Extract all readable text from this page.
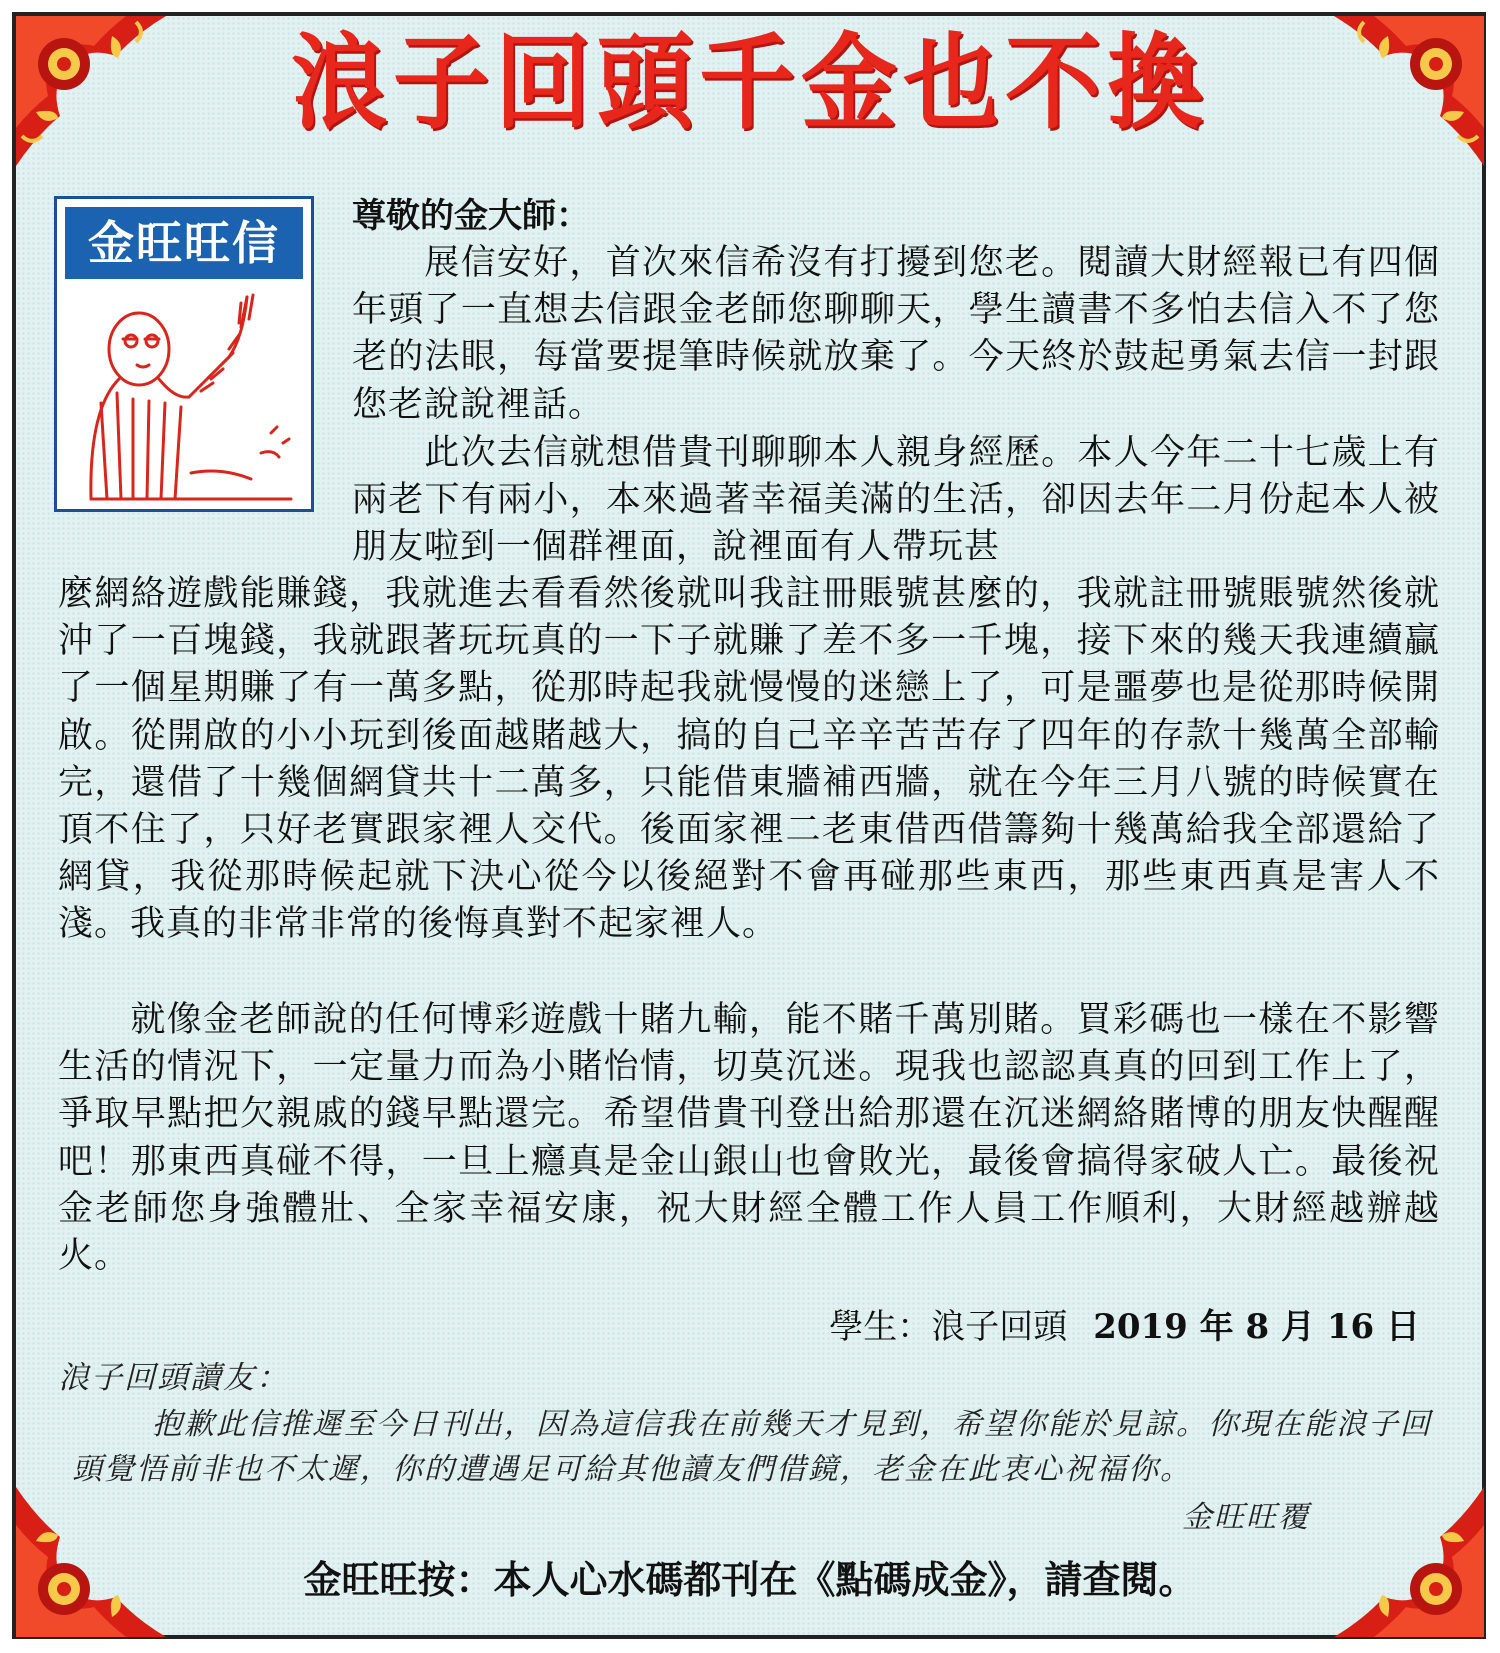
浪子回頭千金也不換
金旺旺信箱
尊敬的金大師：

展信安好，首次來信希沒有打擾到您老。閱讀大財經報已有四個年頭了一直想去信跟金老師您聊聊天，學生讀書不多怕去信入不了您老的法眼，每當要提筆時候就放棄了。今天終於鼓起勇氣去信一封跟您老說說裡話。

此次去信就想借貴刊聊聊本人親身經歷。本人今年二十七歲上有兩老下有兩小，本來過著幸福美滿的生活，卻因去年二月份起本人被朋友啦到一個群裡面，說裡面有人帶玩甚

麼網絡遊戲能賺錢，我就進去看看然後就叫我註冊賬號甚麼的，我就註冊號賬號然後就沖了一百塊錢，我就跟著玩玩真的一下子就賺了差不多一千塊，接下來的幾天我連續贏了一個星期賺了有一萬多點，從那時起我就慢慢的迷戀上了，可是噩夢也是從那時候開啟。從開啟的小小玩到後面越賭越大，搞的自己辛辛苦苦存了四年的存款十幾萬全部輸完，還借了十幾個網貸共十二萬多，只能借東牆補西牆，就在今年三月八號的時候實在頂不住了，只好老實跟家裡人交代。後面家裡二老東借西借籌夠十幾萬給我全部還給了網貸，我從那時候起就下決心從今以後絕對不會再碰那些東西，那些東西真是害人不淺。我真的非常非常的後悔真對不起家裡人。

就像金老師說的任何博彩遊戲十賭九輸，能不賭千萬別賭。買彩碼也一樣在不影響生活的情況下，一定量力而為小賭怡情，切莫沉迷。現我也認認真真的回到工作上了，爭取早點把欠親戚的錢早點還完。希望借貴刊登出給那還在沉迷網絡賭博的朋友快醒醒吧！那東西真碰不得，一旦上癮真是金山銀山也會敗光，最後會搞得家破人亡。最後祝金老師您身強體壯、全家幸福安康，祝大財經全體工作人員工作順利，大財經越辦越火。

學生：浪子回頭 2019 年 8 月 16 日
浪子回頭讀友：

抱歉此信推遲至今日刊出，因為這信我在前幾天才見到，希望你能於見諒。你現在能浪子回頭覺悟前非也不太遲，你的遭遇足可給其他讀友們借鏡，老金在此衷心祝福你。

金旺旺覆
金旺旺按：本人心水碼都刊在《點碼成金》，請查閱。
